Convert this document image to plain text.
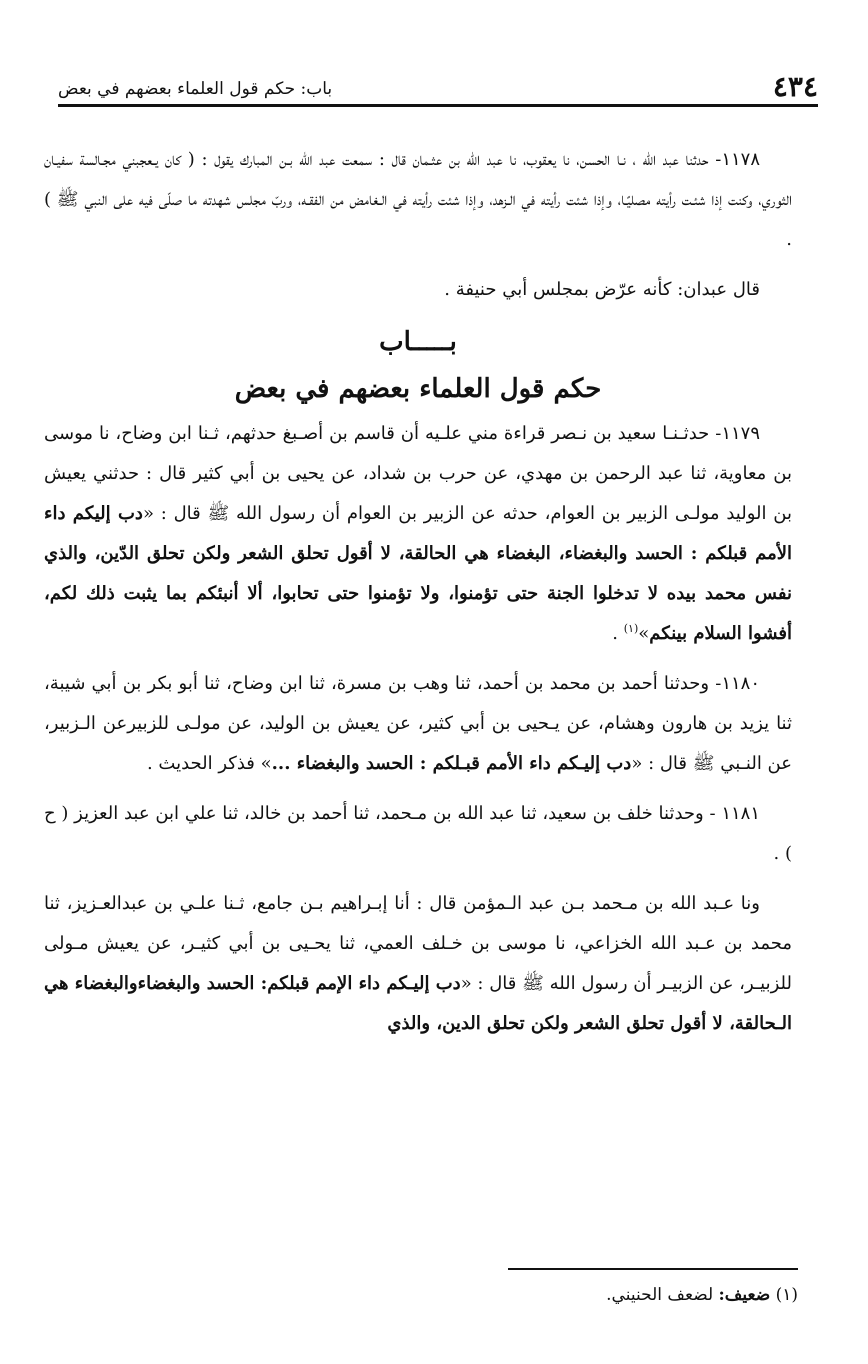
٤٣٤
باب: حكم قول العلماء بعضهم في بعض

١١٧٨- حدثنا عبد الله ، نـا الحسن، نا يعقوب، نا عبد الله بن عثـمان قال : سمعت عبد الله بـن المبارك يقول : ( كان يـعجبني مجـالسة سفيـان الثوري، وكنت إذا شئـت رأيته مصليًـا، وإذا شئت رأيته في الـزهد، وإذا شئت رأيته في الـغامض من الفقـه، وربّ مجلس شهدته ما صلّى فيه على النبي ﷺ ) .

قال عبدان: كأنه عرّض بمجلس أبي حنيفة .

بـــــاب

حكم قول العلماء بعضهم في بعض

١١٧٩- حدثـنـا سعيد بن نـصر قراءة مني علـيه أن قاسم بن أصـبغ حدثهم، ثـنا ابن وضاح، نا موسى بن معاوية، ثنا عبد الرحمن بن مهدي، عن حرب بن شداد، عن يحيى بن أبي كثير قال : حدثني يعيش بن الوليد مولـى الزبير بن العوام، حدثه عن الزبير بن العوام أن رسول الله ﷺ قال : «دب إليكم داء الأمم قبلكم : الحسد والبغضاء، البغضاء هي الحالقة، لا أقول تحلق الشعر ولكن تحلق الدّين، والذي نفس محمد بيده لا تدخلوا الجنة حتى تؤمنوا، ولا تؤمنوا حتى تحابوا، ألا أنبئكم بما يثبت ذلك لكم، أفشوا السلام بينكم»$^{(١)}$ .

١١٨٠- وحدثنا أحمد بن محمد بن أحمد، ثنا وهب بن مسرة، ثنا ابن وضاح، ثنا أبو بكر بن أبي شيبة، ثنا يزيد بن هارون وهشام، عن يـحيى بن أبي كثير، عن يعيش بن الوليد، عن مولـى للزبيرعن الـزبير، عن النـبي ﷺ قال : «دب إليـكم داء الأمم قبـلكم : الحسد والبغضاء ...» فذكر الحديث .

١١٨١ - وحدثنا خلف بن سعيد، ثنا عبد الله بن مـحمد، ثنا أحمد بن خالد، ثنا علي ابن عبد العزيز ( ح ) .

ونا عـبد الله بن مـحمد بـن عبد الـمؤمن قال : أنا إبـراهيم بـن جامع، ثـنا علـي بن عبدالعـزيز، ثنا محمد بن عـبد الله الخزاعي، نا موسى بن خـلف العمي، ثنا يحـيى بن أبي كثيـر، عن يعيش مـولى للزبيـر، عن الزبيـر أن رسول الله ﷺ قال : «دب إليـكم داء الإمم قبلكم: الحسد والبغضاءوالبغضاء هي الـحالقة، لا أقول تحلق الشعر ولكن تحلق الدين، والذي

(١) ضعيف: لضعف الحنيني.
